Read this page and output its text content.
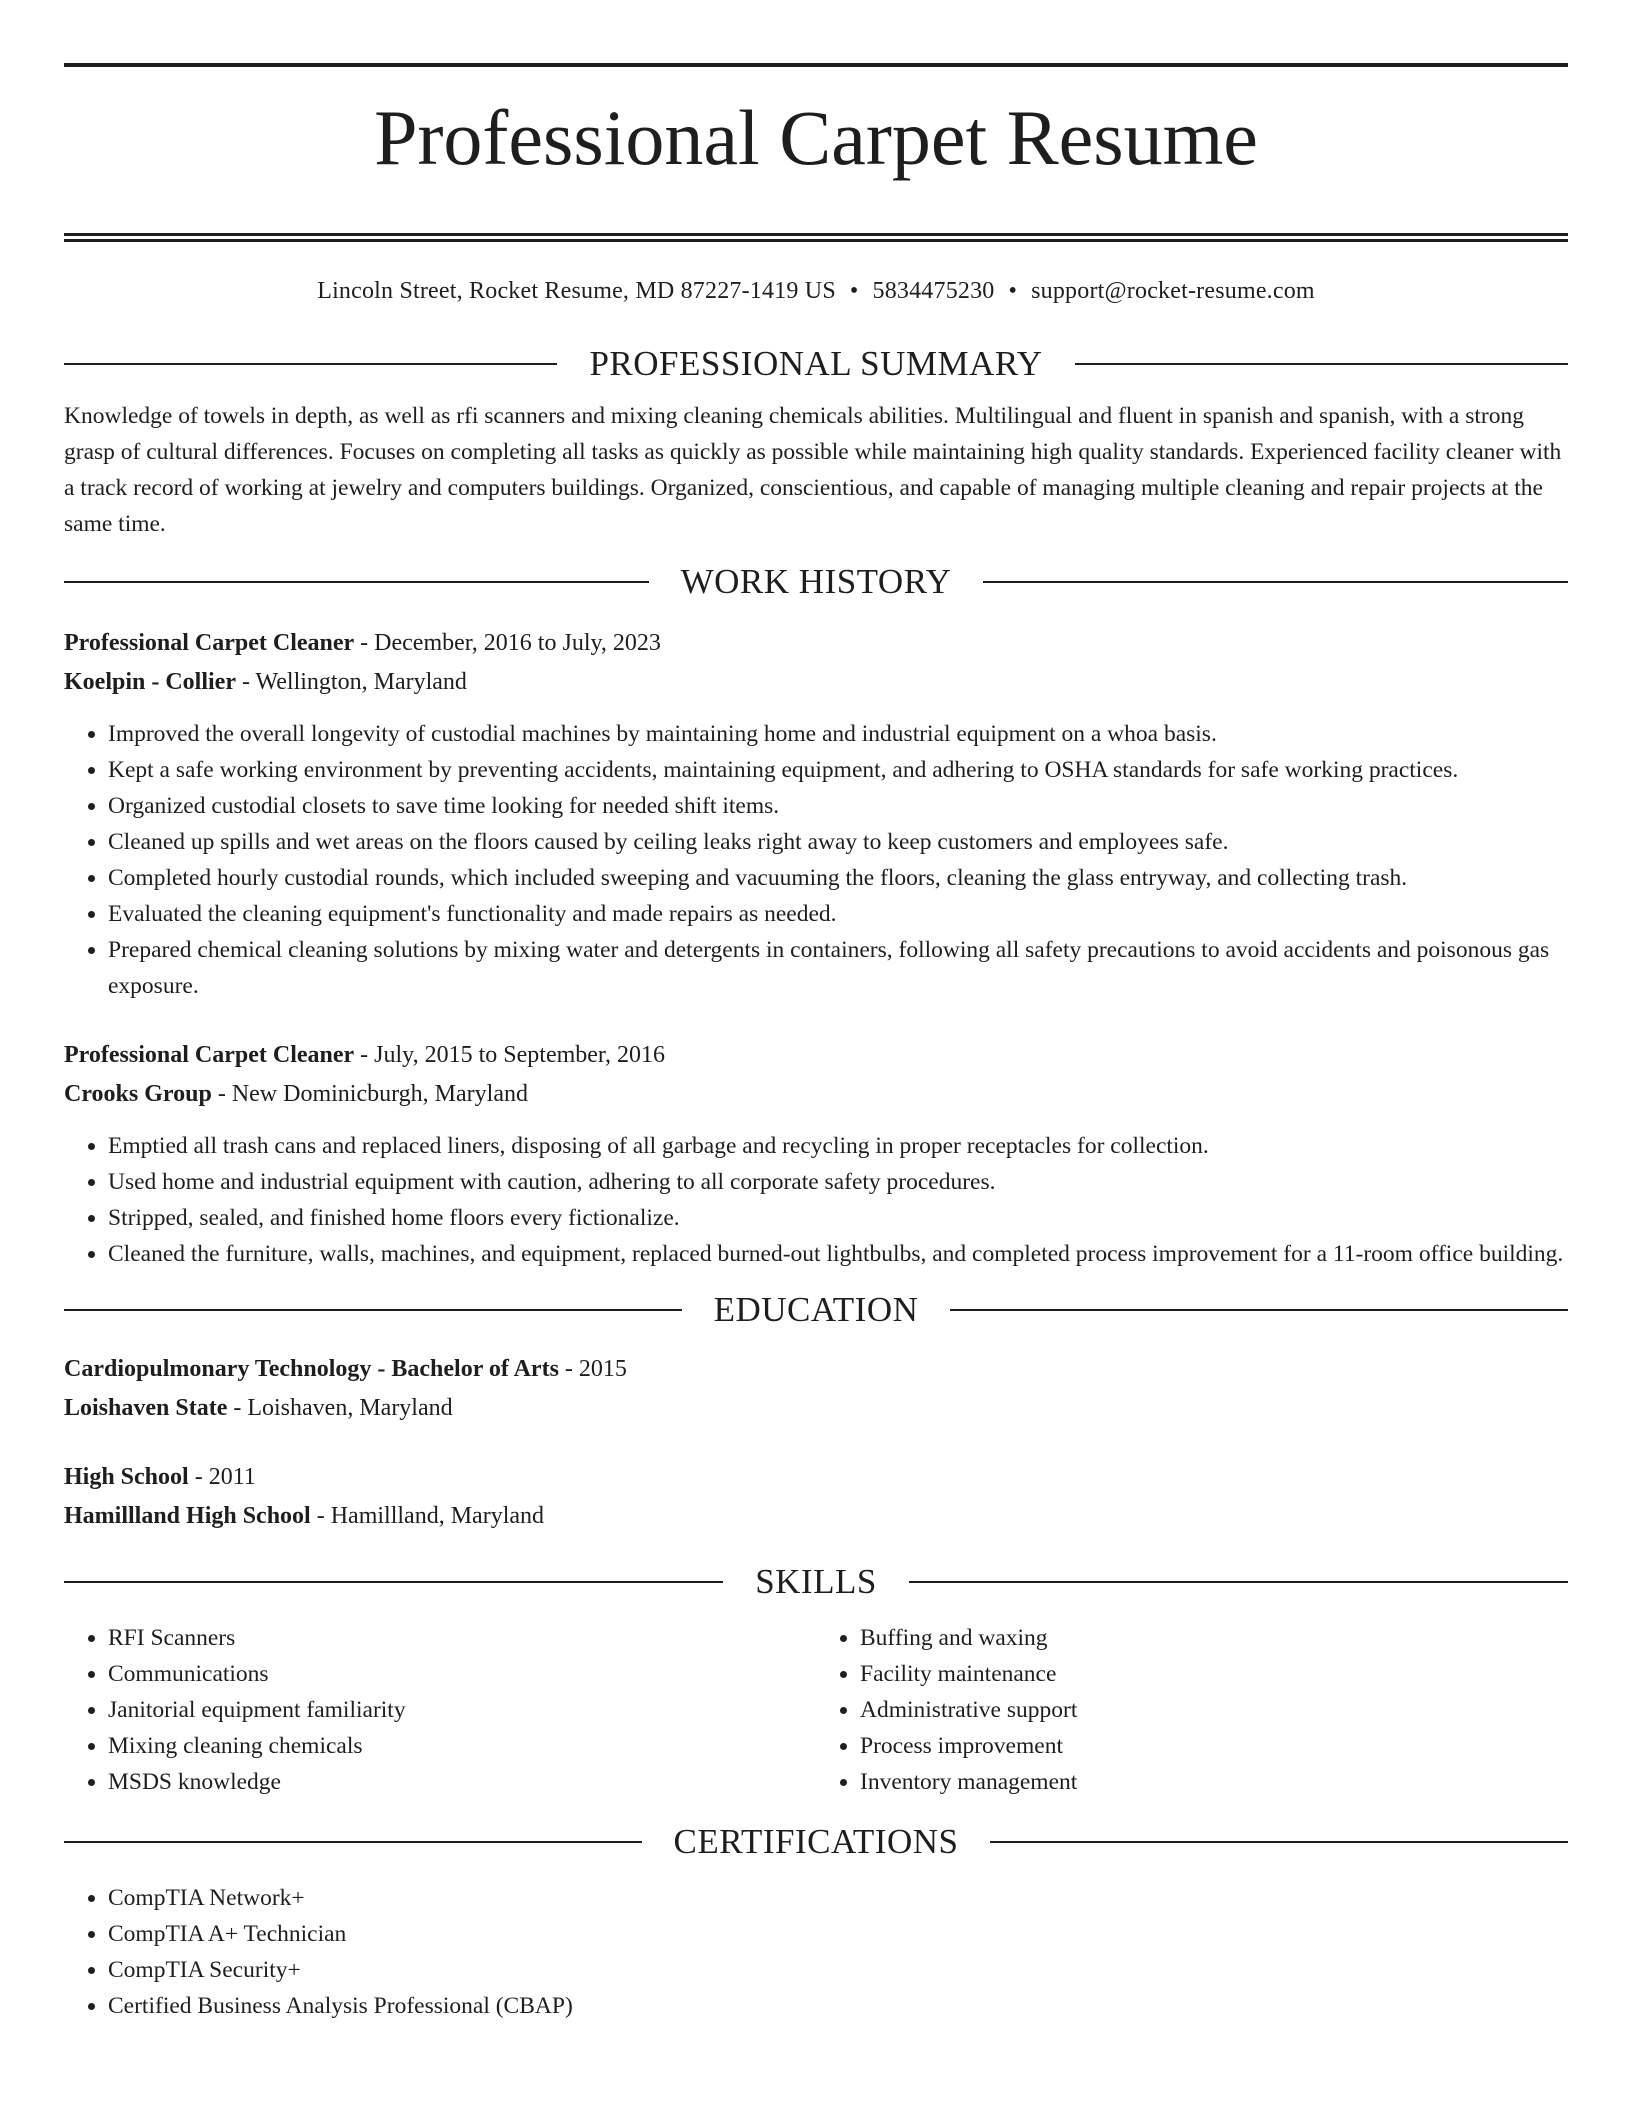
Professional Carpet Resume
Lincoln Street, Rocket Resume, MD 87227-1419 US • 5834475230 • support@rocket-resume.com
PROFESSIONAL SUMMARY

Knowledge of towels in depth, as well as rfi scanners and mixing cleaning chemicals abilities. Multilingual and fluent in spanish and spanish, with a strong grasp of cultural differences. Focuses on completing all tasks as quickly as possible while maintaining high quality standards. Experienced facility cleaner with a track record of working at jewelry and computers buildings. Organized, conscientious, and capable of managing multiple cleaning and repair projects at the same time.

WORK HISTORY
Professional Carpet Cleaner - December, 2016 to July, 2023
Koelpin - Collier - Wellington, Maryland
• Improved the overall longevity of custodial machines by maintaining home and industrial equipment on a whoa basis.
• Kept a safe working environment by preventing accidents, maintaining equipment, and adhering to OSHA standards for safe working practices.
• Organized custodial closets to save time looking for needed shift items.
• Cleaned up spills and wet areas on the floors caused by ceiling leaks right away to keep customers and employees safe.
• Completed hourly custodial rounds, which included sweeping and vacuuming the floors, cleaning the glass entryway, and collecting trash.
• Evaluated the cleaning equipment's functionality and made repairs as needed.
• Prepared chemical cleaning solutions by mixing water and detergents in containers, following all safety precautions to avoid accidents and poisonous gas exposure.
Professional Carpet Cleaner - July, 2015 to September, 2016
Crooks Group - New Dominicburgh, Maryland
• Emptied all trash cans and replaced liners, disposing of all garbage and recycling in proper receptacles for collection.
• Used home and industrial equipment with caution, adhering to all corporate safety procedures.
• Stripped, sealed, and finished home floors every fictionalize.
• Cleaned the furniture, walls, machines, and equipment, replaced burned-out lightbulbs, and completed process improvement for a 11-room office building.
EDUCATION
Cardiopulmonary Technology - Bachelor of Arts - 2015
Loishaven State - Loishaven, Maryland
High School - 2011
Hamillland High School - Hamillland, Maryland
SKILLS
• RFI Scanners
• Communications
• Janitorial equipment familiarity
• Mixing cleaning chemicals
• MSDS knowledge
• Buffing and waxing
• Facility maintenance
• Administrative support
• Process improvement
• Inventory management
CERTIFICATIONS
• CompTIA Network+
• CompTIA A+ Technician
• CompTIA Security+
• Certified Business Analysis Professional (CBAP)
